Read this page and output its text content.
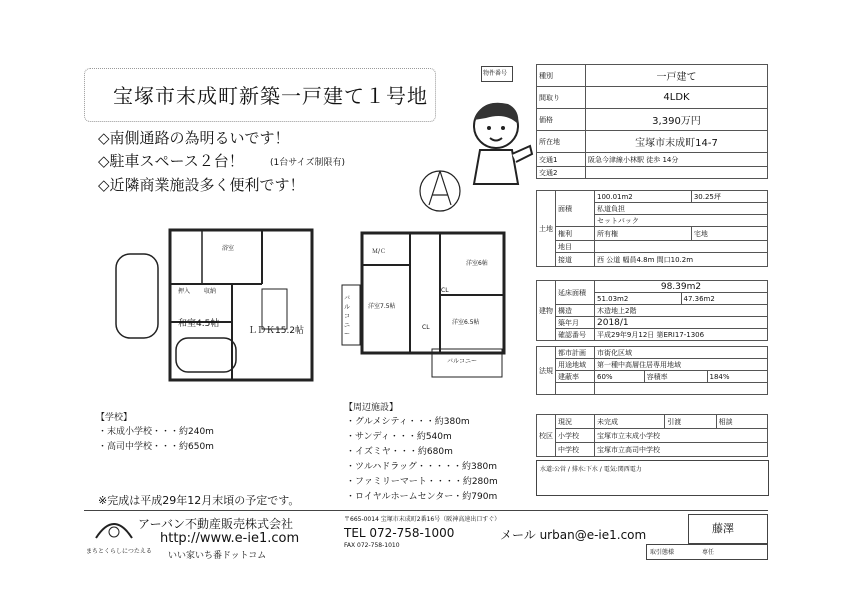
宝塚市末成町新築一戸建て１号地
物件番号
◇南側通路の為明るいです！
◇駐車スペース２台！	(1台サイズ制限有)
◇近隣商業施設多く便利です！
押入 収納
浴室
和室4.5帖
ＬＤＫ15.2帖
Ｍ/Ｃ
洋室6帖
CL
洋室7.5帖
CL
洋室6.5帖
バルコニー
バルコニー
【学校】
・末成小学校・・・約240m
・高司中学校・・・約650m
【周辺施設】
・グルメシティ・・・約380m
・サンディ・・・約540m
・イズミヤ・・・約680m
・ツルハドラッグ・・・・・約380m
・ファミリーマート・・・・約280m
・ロイヤルホームセンター・約790m
※完成は平成29年12月末頃の予定です。
まちとくらしにつたえる
アーバン不動産販売株式会社
http://www.e-ie1.com
いい家いち番ドットコム
〒665-0014 宝塚市末成町2番16号（阪神高速出口すぐ）
TEL 072-758-1000	メール urban@e-ie1.com
FAX 072-758-1010
藤澤
取引態様	専任
種別	一戸建て
間取り	4LDK
価格	3,390万円
所在地	宝塚市末成町14-7
交通1	阪急今津線小林駅 徒歩 14分
交通2	
土地	面積	100.01m2	30.25坪
		私道負担	
		セットバック	
	権利	所有権	宅地
	地目		
	接道	西 公道 幅員4.8m 間口10.2m	
建物	延床面積	98.39m2	
		51.03m2	47.36m2
	構造	木造地上2階	
	築年月	2018/1	
	確認番号	平成29年9月12日 第ERI17-1306	
法規	都市計画	市街化区域		
	用途地域	第一種中高層住居専用地域		
	建蔽率	60%	容積率	184%

校区	現況	未完成	引渡	相談
	小学校	宝塚市立末成小学校		
	中学校	宝塚市立高司中学校		
水道:公営 / 排水:下水 / 電気:関西電力
